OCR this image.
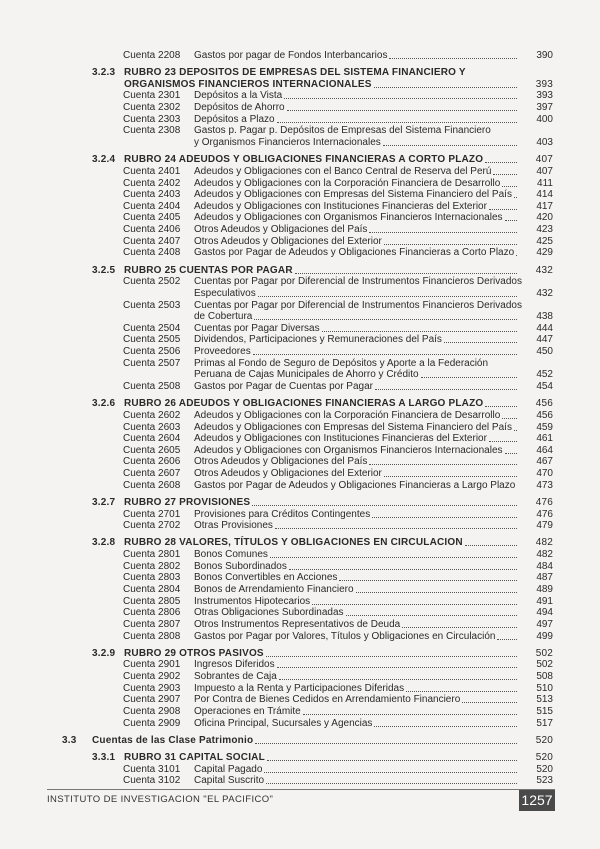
Cuenta 2208 Gastos por pagar de Fondos Interbancarios	390
3.2.3 RUBRO 23 DEPOSITOS DE EMPRESAS DEL SISTEMA FINANCIERO Y
ORGANISMOS FINANCIEROS INTERNACIONALES	393
Cuenta 2301 Depósitos a la Vista	393
Cuenta 2302 Depósitos de Ahorro	397
Cuenta 2303 Depósitos a Plazo	400
Cuenta 2308 Gastos p. Pagar p. Depósitos de Empresas del Sistema Financiero
y Organismos Financieros Internacionales	403
3.2.4 RUBRO 24 ADEUDOS Y OBLIGACIONES FINANCIERAS A CORTO PLAZO	407
Cuenta 2401 Adeudos y Obligaciones con el Banco Central de Reserva del Perú	407
Cuenta 2402 Adeudos y Obligaciones con la Corporación Financiera de Desarrollo	411
Cuenta 2403 Adeudos y Obligaciones con Empresas del Sistema Financiero del País 414
Cuenta 2404 Adeudos y Obligaciones con Instituciones Financieras del Exterior	417
Cuenta 2405 Adeudos y Obligaciones con Organismos Financieros Internacionales	420
Cuenta 2406 Otros Adeudos y Obligaciones del País	423
Cuenta 2407 Otros Adeudos y Obligaciones del Exterior	425
Cuenta 2408 Gastos por Pagar de Adeudos y Obligaciones Financieras a Corto Plazo 429
3.2.5 RUBRO 25 CUENTAS POR PAGAR	432
Cuenta 2502 Cuentas por Pagar por Diferencial de Instrumentos Financieros Derivados
Especulativos	432
Cuenta 2503 Cuentas por Pagar por Diferencial de Instrumentos Financieros Derivados
de Cobertura	438
Cuenta 2504 Cuentas por Pagar Diversas	444
Cuenta 2505 Dividendos, Participaciones y Remuneraciones del País	447
Cuenta 2506 Proveedores	450
Cuenta 2507 Primas al Fondo de Seguro de Depósitos y Aporte a la Federación
Peruana de Cajas Municipales de Ahorro y Crédito	452
Cuenta 2508 Gastos por Pagar de Cuentas por Pagar	454
3.2.6 RUBRO 26 ADEUDOS Y OBLIGACIONES FINANCIERAS A LARGO PLAZO	456
Cuenta 2602 Adeudos y Obligaciones con la Corporación Financiera de Desarrollo	456
Cuenta 2603 Adeudos y Obligaciones con Empresas del Sistema Financiero del País 459
Cuenta 2604 Adeudos y Obligaciones con Instituciones Financieras del Exterior	461
Cuenta 2605 Adeudos y Obligaciones con Organismos Financieros Internacionales	464
Cuenta 2606 Otros Adeudos y Obligaciones del País	467
Cuenta 2607 Otros Adeudos y Obligaciones del Exterior	470
Cuenta 2608 Gastos por Pagar de Adeudos y Obligaciones Financieras a Largo Plazo 473
3.2.7 RUBRO 27 PROVISIONES	476
Cuenta 2701 Provisiones para Créditos Contingentes	476
Cuenta 2702 Otras Provisiones	479
3.2.8 RUBRO 28 VALORES, TÍTULOS Y OBLIGACIONES EN CIRCULACION	482
Cuenta 2801 Bonos Comunes	482
Cuenta 2802 Bonos Subordinados	484
Cuenta 2803 Bonos Convertibles en Acciones	487
Cuenta 2804 Bonos de Arrendamiento Financiero	489
Cuenta 2805 Instrumentos Hipotecarios	491
Cuenta 2806 Otras Obligaciones Subordinadas	494
Cuenta 2807 Otros Instrumentos Representativos de Deuda	497
Cuenta 2808 Gastos por Pagar por Valores, Títulos y Obligaciones en Circulación	499
3.2.9 RUBRO 29 OTROS PASIVOS	502
Cuenta 2901 Ingresos Diferidos	502
Cuenta 2902 Sobrantes de Caja	508
Cuenta 2903 Impuesto a la Renta y Participaciones Diferidas	510
Cuenta 2907 Por Contra de Bienes Cedidos en Arrendamiento Financiero	513
Cuenta 2908 Operaciones en Trámite	515
Cuenta 2909 Oficina Principal, Sucursales y Agencias	517
3.3 Cuentas de las Clase Patrimonio	520
3.3.1 RUBRO 31 CAPITAL SOCIAL	520
Cuenta 3101 Capital Pagado	520
Cuenta 3102 Capital Suscrito	523
INSTITUTO DE INVESTIGACION "EL PACIFICO"	1257
